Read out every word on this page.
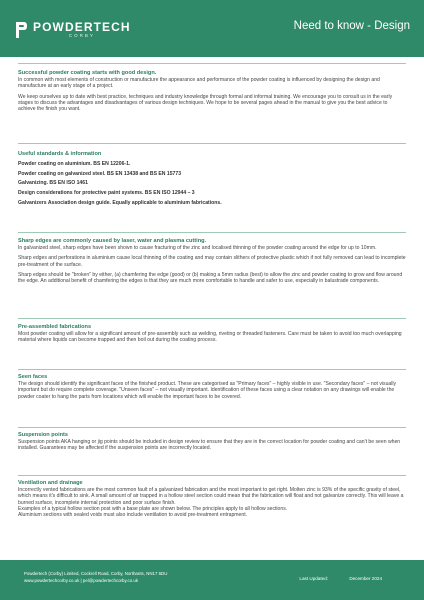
POWDERTECH
CORBY
Need to know - Design
Successful powder coating starts with good design.

In common with most elements of construction or manufacture the appearance and performance of the powder coating is influenced by designing the design and manufacture at an early stage of a project.

We keep ourselves up to date with best practice, techniques and industry knowledge through formal and informal training. We encourage you to consult us in the early stages to discuss the advantages and disadvantages of various design techniques. We hope to be several pages ahead in the manual to give you the best advice to achieve the finish you want.

Useful standards & information

Powder coating on aluminium. BS EN 12206-1.

Powder coating on galvanized steel. BS EN 13438 and BS EN 15773

Galvanizing. BS EN ISO 1461

Design considerations for protective paint systems. BS EN ISO 12944 – 3

Galvanizers Association design guide. Equally applicable to aluminium fabrications.

Sharp edges are commonly caused by laser, water and plasma cutting.

In galvanized steel, sharp edges have been shown to cause fracturing of the zinc and localised thinning of the powder coating around the edge for up to 10mm.

Sharp edges and perforations in aluminium cause local thinning of the coating and may contain slithers of protective plastic which if not fully removed can lead to incomplete pre-treatment of the surface.

Sharp edges should be "broken" by either, (a) chamfering the edge (good) or (b) making a 5mm radius (best) to allow the zinc and powder coating to grow and flow around the edge. An additional benefit of chamfering the edges is that they are much more comfortable to handle and safer to use, especially in balustrade components.

Pre-assembled fabrications

Most powder coating will allow for a significant amount of pre-assembly such as welding, riveting or threaded fasteners. Care must be taken to avoid too much overlapping material where liquids can become trapped and then boil out during the coating process.

Seen faces

The design should identify the significant faces of the finished product. These are categorised as "Primary faces" – highly visible in use. "Secondary faces" – not visually important but do require complete coverage. "Unseen faces" – not visually important. Identification of these faces using a clear notation on any drawings will enable the powder coater to hang the parts from locations which will enable the important faces to be covered.

Suspension points

Suspension points AKA hanging or jig points should be included in design review to ensure that they are in the correct location for powder coating and can't be seen when installed. Guarantees may be affected if the suspension points are incorrectly located.

Ventilation and drainage

Incorrectly vented fabrications are the most common fault of a galvanized fabrication and the most important to get right. Molten zinc is 93% of the specific gravity of steel, which means it's difficult to sink. A small amount of air trapped in a hollow steel section could mean that the fabrication will float and not galvanize correctly. This will leave a burned surface, incomplete internal protection and poor surface finish.

Examples of a typical hollow section post with a base plate are shown below. The principles apply to all hollow sections.

Aluminium sections with sealed voids must also include ventilation to avoid pre-treatment entrapment.

Powdertech (Corby) Limited, Cockrell Road, Corby, Northants, NN17 5DU
www.powdertechcorby.co.uk | pel@powdertechcorby.co.uk	Last Updated:	December 2024
